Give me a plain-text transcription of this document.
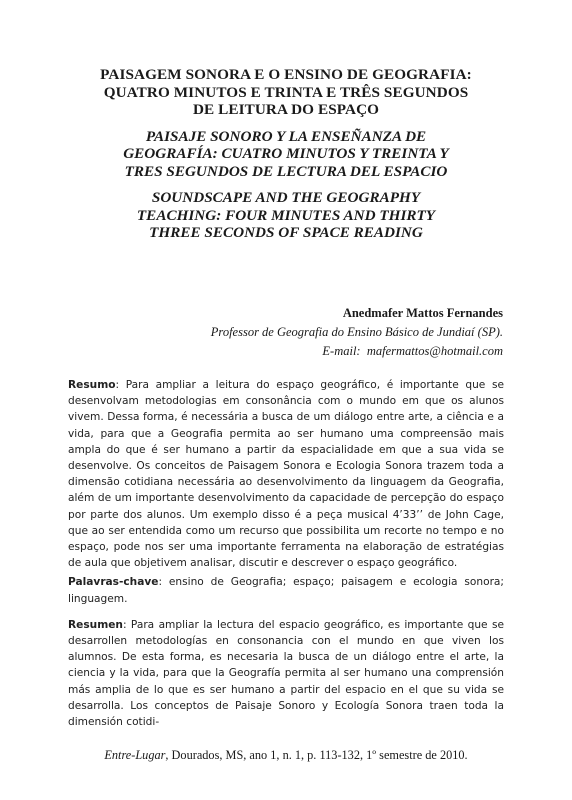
PAISAGEM SONORA E O ENSINO DE GEOGRAFIA:
QUATRO MINUTOS E TRINTA E TRÊS SEGUNDOS
DE LEITURA DO ESPAÇO
PAISAJE SONORO Y LA ENSEÑANZA DE
GEOGRAFÍA: CUATRO MINUTOS Y TREINTA Y
TRES SEGUNDOS DE LECTURA DEL ESPACIO
SOUNDSCAPE AND THE GEOGRAPHY
TEACHING: FOUR MINUTES AND THIRTY
THREE SECONDS OF SPACE READING
Anedmafer Mattos Fernandes
Professor de Geografia do Ensino Básico de Jundiaí (SP).
E-mail: mafermattos@hotmail.com

Resumo: Para ampliar a leitura do espaço geográfico, é importante que se desenvolvam metodologias em consonância com o mundo em que os alunos vivem. Dessa forma, é necessária a busca de um diálogo entre arte, a ciência e a vida, para que a Geografia permita ao ser humano uma compreensão mais ampla do que é ser humano a partir da espacialidade em que a sua vida se desenvolve. Os conceitos de Paisagem Sonora e Ecologia Sonora trazem toda a dimensão cotidiana necessária ao desenvolvimento da linguagem da Geografia, além de um importante desenvolvimento da capacidade de percepção do espaço por parte dos alunos. Um exemplo disso é a peça musical 4’33’’ de John Cage, que ao ser entendida como um recurso que possibilita um recorte no tempo e no espaço, pode nos ser uma importante ferramenta na elaboração de estratégias de aula que objetivem analisar, discutir e descrever o espaço geográfico.

Palavras-chave: ensino de Geografia; espaço; paisagem e ecologia sonora; linguagem.

Resumen: Para ampliar la lectura del espacio geográfico, es importante que se desarrollen metodologías en consonancia con el mundo en que viven los alumnos. De esta forma, es necesaria la busca de un diálogo entre el arte, la ciencia y la vida, para que la Geografía permita al ser humano una comprensión más amplia de lo que es ser humano a partir del espacio en el que su vida se desarrolla. Los conceptos de Paisaje Sonoro y Ecología Sonora traen toda la dimensión cotidi-

Entre-Lugar, Dourados, MS, ano 1, n. 1, p. 113-132, 1º semestre de 2010.
